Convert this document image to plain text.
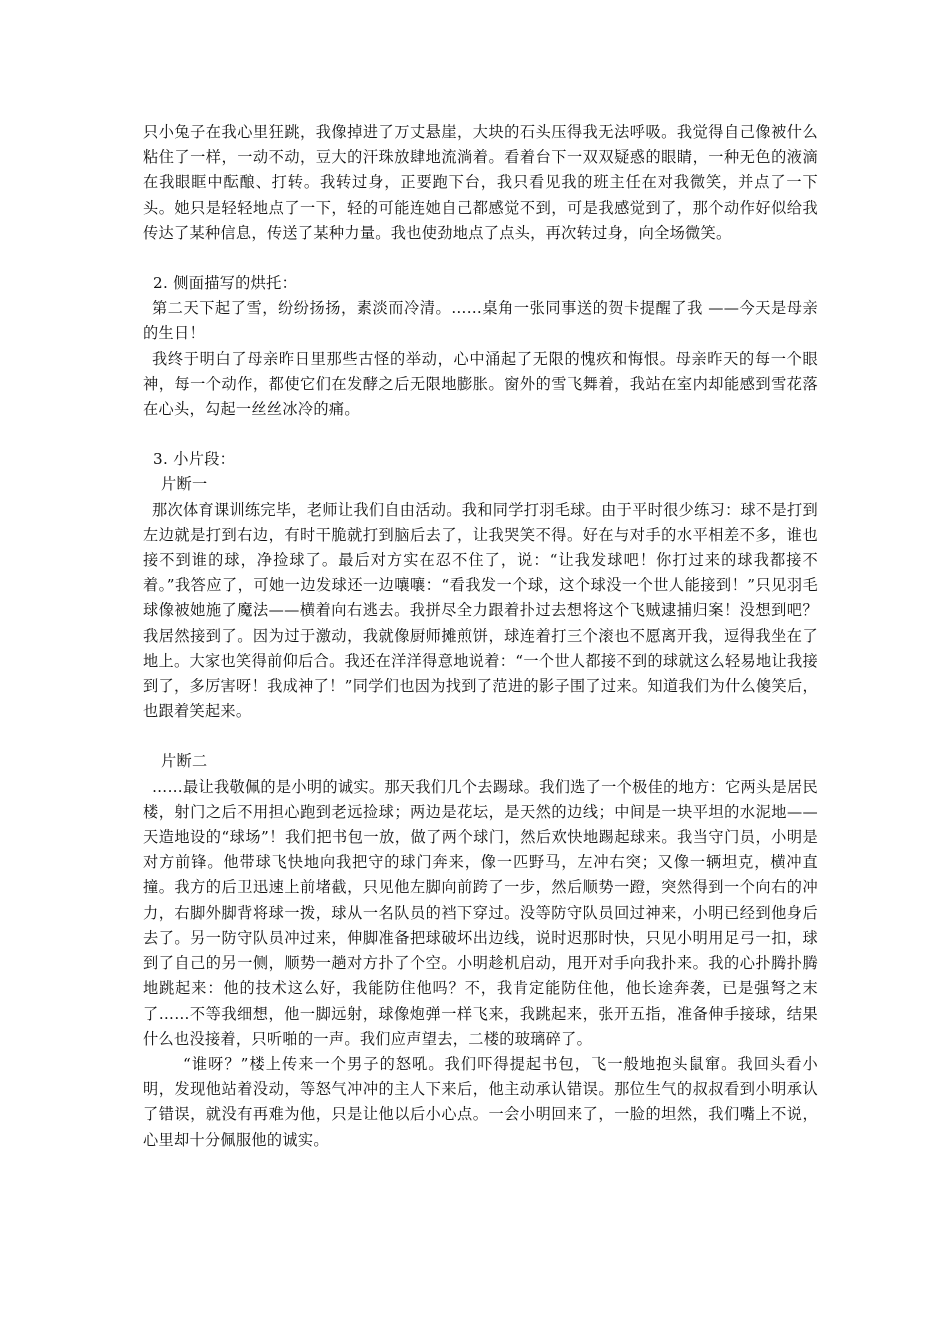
只小兔子在我心里狂跳，我像掉进了万丈悬崖，大块的石头压得我无法呼吸。我觉得自己像被什么粘住了一样，一动不动，豆大的汗珠放肆地流淌着。看着台下一双双疑惑的眼睛，一种无色的液滴在我眼眶中酝酿、打转。我转过身，正要跑下台，我只看见我的班主任在对我微笑，并点了一下头。她只是轻轻地点了一下，轻的可能连她自己都感觉不到，可是我感觉到了，那个动作好似给我传达了某种信息，传送了某种力量。我也使劲地点了点头，再次转过身，向全场微笑。

2. 侧面描写的烘托：

第二天下起了雪，纷纷扬扬，素淡而冷清。……桌角一张同事送的贺卡提醒了我 ——今天是母亲的生日！

我终于明白了母亲昨日里那些古怪的举动，心中涌起了无限的愧疚和悔恨。母亲昨天的每一个眼神，每一个动作，都使它们在发酵之后无限地膨胀。窗外的雪飞舞着，我站在室内却能感到雪花落在心头，勾起一丝丝冰冷的痛。

3. 小片段：

片断一

那次体育课训练完毕，老师让我们自由活动。我和同学打羽毛球。由于平时很少练习：球不是打到左边就是打到右边，有时干脆就打到脑后去了，让我哭笑不得。好在与对手的水平相差不多，谁也接不到谁的球，净捡球了。最后对方实在忍不住了，说：“让我发球吧！你打过来的球我都接不着。”我答应了，可她一边发球还一边嚷嚷：“看我发一个球，这个球没一个世人能接到！”只见羽毛球像被她施了魔法——横着向右逃去。我拼尽全力跟着扑过去想将这个飞贼逮捕归案！没想到吧？我居然接到了。因为过于激动，我就像厨师摊煎饼，球连着打三个滚也不愿离开我，逗得我坐在了地上。大家也笑得前仰后合。我还在洋洋得意地说着：“一个世人都接不到的球就这么轻易地让我接到了，多厉害呀！我成神了！”同学们也因为找到了范进的影子围了过来。知道我们为什么傻笑后，也跟着笑起来。

片断二

……最让我敬佩的是小明的诚实。那天我们几个去踢球。我们选了一个极佳的地方：它两头是居民楼，射门之后不用担心跑到老远捡球；两边是花坛，是天然的边线；中间是一块平坦的水泥地——天造地设的“球场”！我们把书包一放，做了两个球门，然后欢快地踢起球来。我当守门员，小明是对方前锋。他带球飞快地向我把守的球门奔来，像一匹野马，左冲右突；又像一辆坦克，横冲直撞。我方的后卫迅速上前堵截，只见他左脚向前跨了一步，然后顺势一蹬，突然得到一个向右的冲力，右脚外脚背将球一拨，球从一名队员的裆下穿过。没等防守队员回过神来，小明已经到他身后去了。另一防守队员冲过来，伸脚准备把球破坏出边线，说时迟那时快，只见小明用足弓一扣，球到了自己的另一侧，顺势一趟对方扑了个空。小明趁机启动，甩开对手向我扑来。我的心扑腾扑腾地跳起来：他的技术这么好，我能防住他吗？不，我肯定能防住他，他长途奔袭，已是强弩之末了……不等我细想，他一脚远射，球像炮弹一样飞来，我跳起来，张开五指，准备伸手接球，结果什么也没接着，只听啪的一声。我们应声望去，二楼的玻璃碎了。

“谁呀？”楼上传来一个男子的怒吼。我们吓得提起书包，飞一般地抱头鼠窜。我回头看小明，发现他站着没动，等怒气冲冲的主人下来后，他主动承认错误。那位生气的叔叔看到小明承认了错误，就没有再难为他，只是让他以后小心点。一会小明回来了，一脸的坦然，我们嘴上不说，心里却十分佩服他的诚实。
